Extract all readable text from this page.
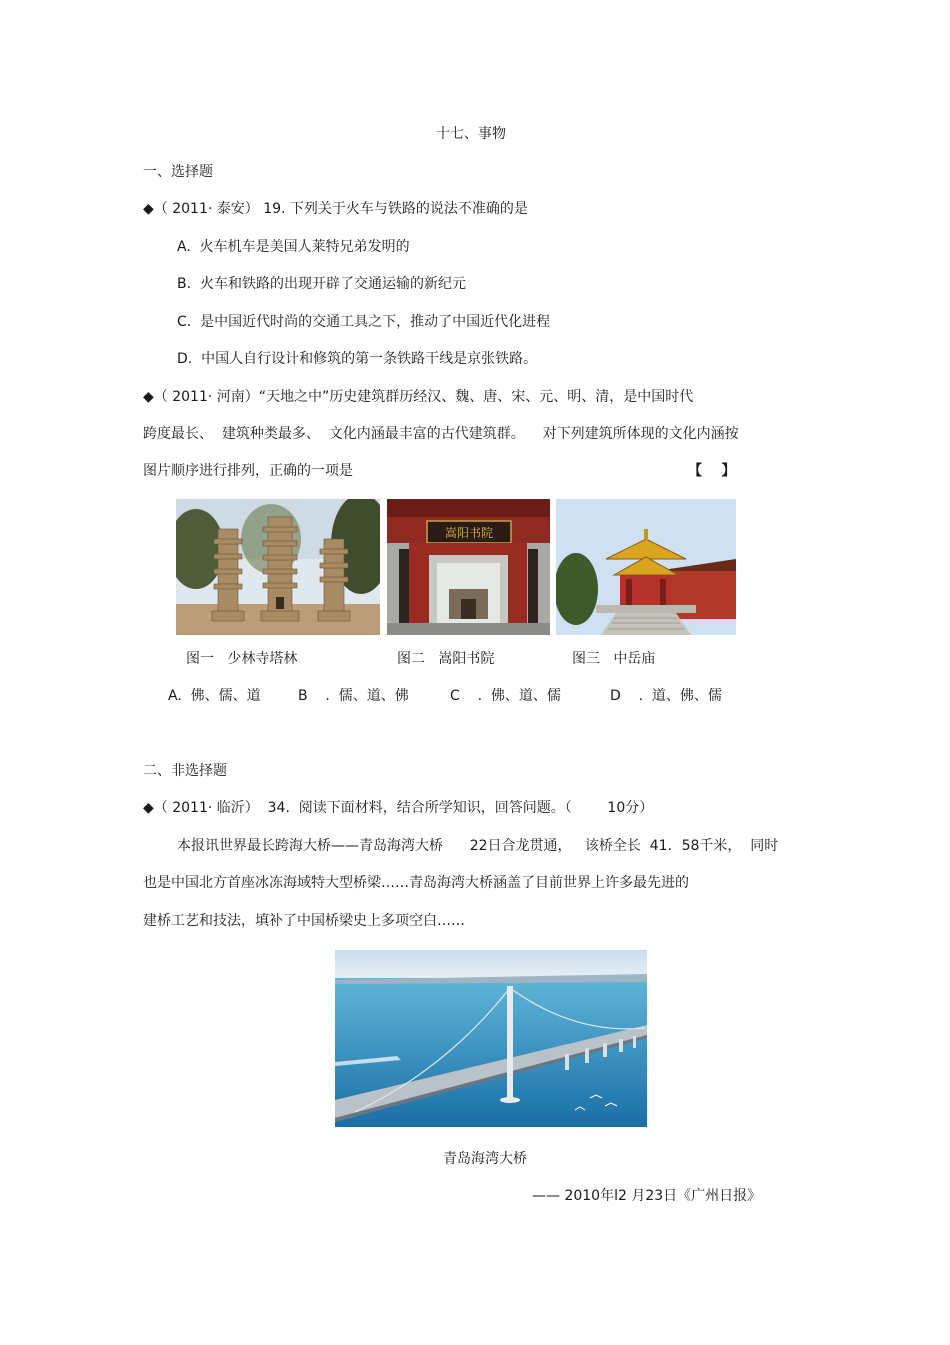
十七、事物
一、选择题
◆（ 2011· 泰安） 19. 下列关于火车与铁路的说法不准确的是
A.  火车机车是美国人莱特兄弟发明的
B.  火车和铁路的出现开辟了交通运输的新纪元
C.  是中国近代时尚的交通工具之下，推动了中国近代化进程
D.  中国人自行设计和修筑的第一条铁路干线是京张铁路。
◆（ 2011· 河南）“天地之中”历史建筑群历经汉、魏、唐、宋、元、明、清，是中国时代
跨度最长、  建筑种类最多、  文化内涵最丰富的古代建筑群。    对下列建筑所体现的文化内涵按
图片顺序进行排列，正确的一项是	【    】
嵩阳书院
图一   少林寺塔林	图二   嵩阳书院	图三   中岳庙
A.  佛、儒、道	B    .  儒、道、佛	C    .  佛、道、儒	D    .  道、佛、儒
二、非选择题
◆（ 2011· 临沂）  34.  阅读下面材料，结合所学知识，回答问题。（        10分）
本报讯世界最长跨海大桥——青岛海湾大桥      22日合龙贯通，   该桥全长  41．58千米，  同时
也是中国北方首座冰冻海域特大型桥梁……青岛海湾大桥涵盖了目前世界上许多最先进的
建桥工艺和技法，填补了中国桥梁史上多项空白……
青岛海湾大桥
—— 2010年l2 月23日《广州日报》
